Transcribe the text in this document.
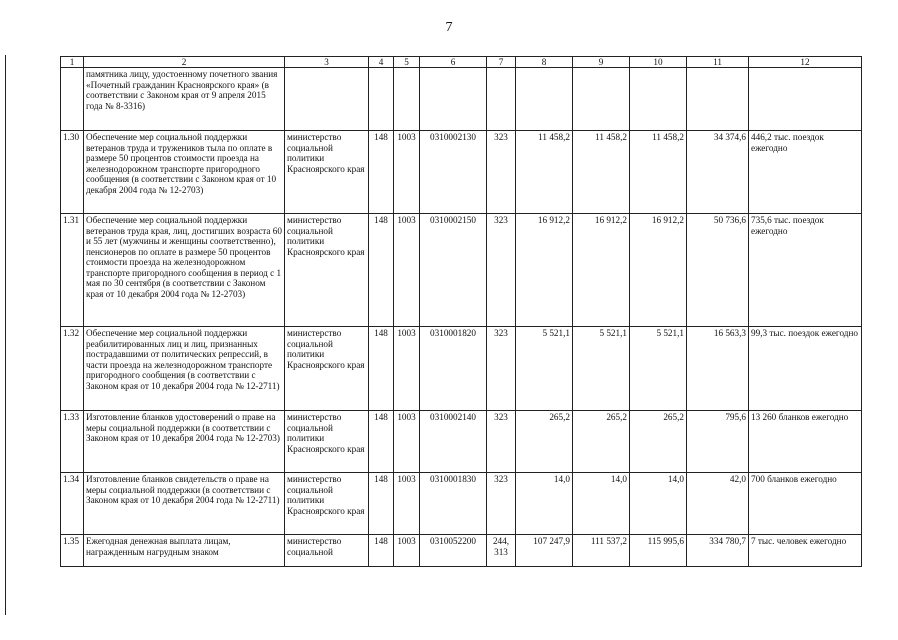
7
1	2	3	4	5	6	7	8	9	10	11	12
	памятника лицу, удостоенному почетного звания «Почетный гражданин Красноярского края» (в соответствии с Законом края от 9 апреля 2015 года № 8-3316)										
1.30	Обеспечение мер социальной поддержки ветеранов труда и тружеников тыла по оплате в размере 50 процентов стоимости проезда на железнодорожном транспорте пригородного сообщения (в соответствии с Законом края от 10 декабря 2004 года № 12-2703)	министерство социальной политики Красноярского края	148	1003	0310002130	323	11 458,2	11 458,2	11 458,2	34 374,6	446,2 тыс. поездок ежегодно
1.31	Обеспечение мер социальной поддержки ветеранов труда края, лиц, достигших возраста 60 и 55 лет (мужчины и женщины соответственно), пенсионеров по оплате в размере 50 процентов стоимости проезда на железнодорожном транспорте пригородного сообщения в период с 1 мая по 30 сентября (в соответствии с Законом края от 10 декабря 2004 года № 12-2703)	министерство социальной политики Красноярского края	148	1003	0310002150	323	16 912,2	16 912,2	16 912,2	50 736,6	735,6 тыс. поездок ежегодно
1.32	Обеспечение мер социальной поддержки реабилитированных лиц и лиц, признанных пострадавшими от политических репрессий, в части проезда на железнодорожном транспорте пригородного сообщения (в соответствии с Законом края от 10 декабря 2004 года № 12-2711)	министерство социальной политики Красноярского края	148	1003	0310001820	323	5 521,1	5 521,1	5 521,1	16 563,3	99,3 тыс. поездок ежегодно
1.33	Изготовление бланков удостоверений о праве на меры социальной поддержки (в соответствии с Законом края от 10 декабря 2004 года № 12-2703)	министерство социальной политики Красноярского края	148	1003	0310002140	323	265,2	265,2	265,2	795,6	13 260 бланков ежегодно
1.34	Изготовление бланков свидетельств о праве на меры социальной поддержки (в соответствии с Законом края от 10 декабря 2004 года № 12-2711)	министерство социальной политики Красноярского края	148	1003	0310001830	323	14,0	14,0	14,0	42,0	700 бланков ежегодно
1.35	Ежегодная денежная выплата лицам, награжденным нагрудным знаком	министерство социальной	148	1003	0310052200	244, 313	107 247,9	111 537,2	115 995,6	334 780,7	7 тыс. человек ежегодно
